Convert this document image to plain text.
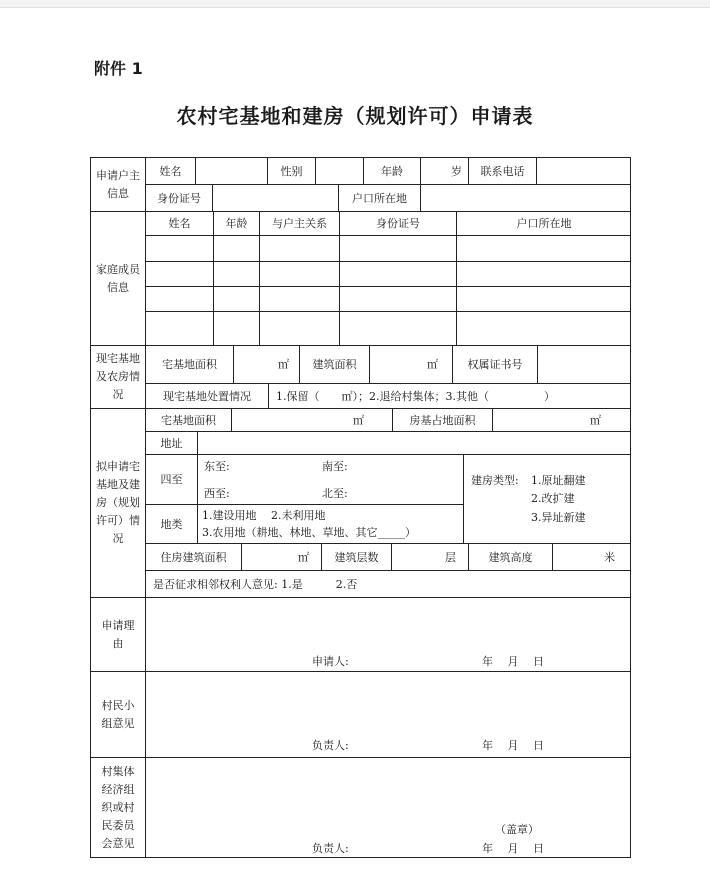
附件 1
农村宅基地和建房（规划许可）申请表
申请户主信息
姓名	性别	年龄	岁	联系电话
身份证号	户口所在地
家庭成员信息
姓名	年龄	与户主关系	身份证号	户口所在地
现宅基地及农房情况
宅基地面积	㎡	建筑面积	㎡	权属证书号
现宅基地处置情况	1.保留（　　㎡）；2.退给村集体；3.其他（　　　　　）
拟申请宅基地及建房（规划许可）情况
宅基地面积	㎡	房基占地面积	㎡
地址
四至
东至:	南至:
西至:	北至:
建房类型: 1.原址翻建
2.改扩建
3.异址新建
地类
1.建设用地　 2.未利用地
3.农用地（耕地、林地、草地、其它_____）
住房建筑面积	㎡	建筑层数	层	建筑高度	米
是否征求相邻权利人意见: 1.是　　　2.否
申请理由
申请人:	年　 月　 日
村民小组意见
负责人:	年　 月　 日
村集体经济组织或村民委员会意见
（盖章）
负责人:	年　 月　 日
